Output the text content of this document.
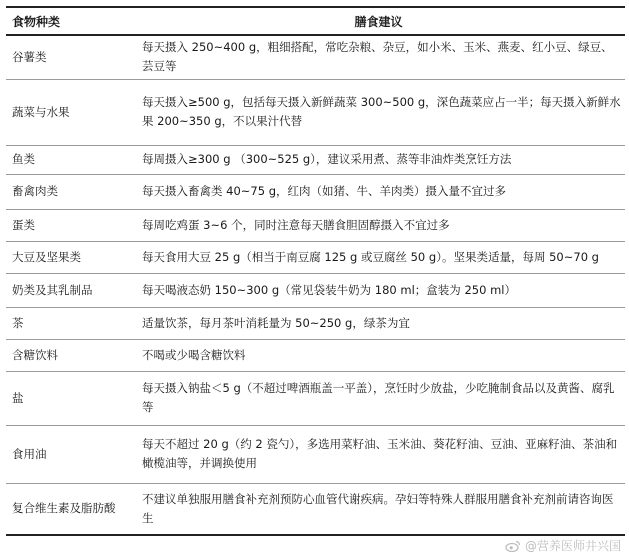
食物种类	膳食建议
谷薯类	每天摄入 250~400 g，粗细搭配，常吃杂粮、杂豆，如小米、玉米、燕麦、红小豆、绿豆、芸豆等
蔬菜与水果	每天摄入≥500 g，包括每天摄入新鲜蔬菜 300~500 g，深色蔬菜应占一半；每天摄入新鲜水果 200~350 g，不以果汁代替
鱼类	每周摄入≥300 g （300~525 g），建议采用煮、蒸等非油炸类烹饪方法
畜禽肉类	每天摄入畜禽类 40~75 g，红肉（如猪、牛、羊肉类）摄入量不宜过多
蛋类	每周吃鸡蛋 3~6 个，同时注意每天膳食胆固醇摄入不宜过多
大豆及坚果类	每天食用大豆 25 g（相当于南豆腐 125 g 或豆腐丝 50 g）。坚果类适量，每周 50~70 g
奶类及其乳制品	每天喝液态奶 150~300 g（常见袋装牛奶为 180 ml；盒装为 250 ml）
茶	适量饮茶，每月茶叶消耗量为 50~250 g，绿茶为宜
含糖饮料	不喝或少喝含糖饮料
盐	每天摄入钠盐＜5 g（不超过啤酒瓶盖一平盖），烹饪时少放盐，少吃腌制食品以及黄酱、腐乳等
食用油	每天不超过 20 g（约 2 瓷勺），多选用菜籽油、玉米油、葵花籽油、豆油、亚麻籽油、茶油和橄榄油等，并调换使用
复合维生素及脂肪酸	不建议单独服用膳食补充剂预防心血管代谢疾病。孕妇等特殊人群服用膳食补充剂前请咨询医生
@营养医师井兴国
